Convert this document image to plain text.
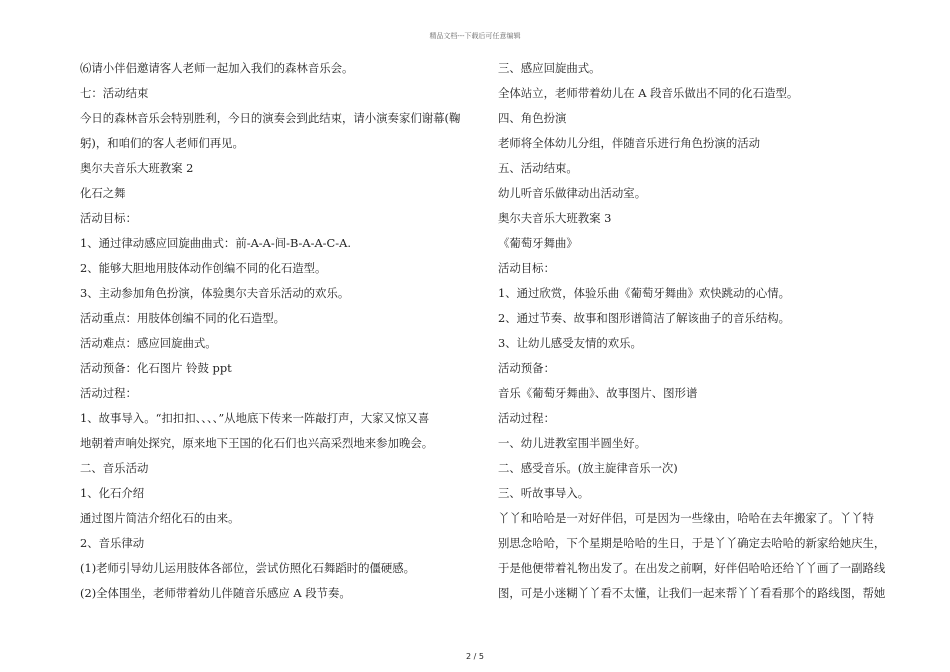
精品文档---下载后可任意编辑
⑹请小伴侣邀请客人老师一起加入我们的森林音乐会。
七：活动结束
今日的森林音乐会特别胜利，今日的演奏会到此结束，请小演奏家们谢幕(鞠
躬)，和咱们的客人老师们再见。
奥尔夫音乐大班教案 2
化石之舞
活动目标：
1、通过律动感应回旋曲曲式：前-A-A-间-B-A-A-C-A.
2、能够大胆地用肢体动作创编不同的化石造型。
3、主动参加角色扮演，体验奥尔夫音乐活动的欢乐。
活动重点：用肢体创编不同的化石造型。
活动难点：感应回旋曲式。
活动预备：化石图片 铃鼓 ppt
活动过程：
1、故事导入。“扣扣扣、、、、”从地底下传来一阵敲打声，大家又惊又喜
地朝着声响处探究，原来地下王国的化石们也兴高采烈地来参加晚会。
二、音乐活动
1、化石介绍
通过图片简洁介绍化石的由来。
2、音乐律动
(1)老师引导幼儿运用肢体各部位，尝试仿照化石舞蹈时的僵硬感。
(2)全体围坐，老师带着幼儿伴随音乐感应 A 段节奏。
三、感应回旋曲式。
全体站立，老师带着幼儿在 A 段音乐做出不同的化石造型。
四、角色扮演
老师将全体幼儿分组，伴随音乐进行角色扮演的活动
五、活动结束。
幼儿听音乐做律动出活动室。
奥尔夫音乐大班教案 3
《葡萄牙舞曲》
活动目标：
1、通过欣赏，体验乐曲《葡萄牙舞曲》欢快跳动的心情。
2、通过节奏、故事和图形谱简洁了解该曲子的音乐结构。
3、让幼儿感受友情的欢乐。
活动预备：
音乐《葡萄牙舞曲》、故事图片、图形谱
活动过程：
一、幼儿进教室围半圆坐好。
二、感受音乐。(放主旋律音乐一次)
三、听故事导入。
丫丫和哈哈是一对好伴侣，可是因为一些缘由，哈哈在去年搬家了。丫丫特
别思念哈哈，下个星期是哈哈的生日，于是丫丫确定去哈哈的新家给她庆生，
于是他便带着礼物出发了。在出发之前啊，好伴侣哈哈还给丫丫画了一副路线
图，可是小迷糊丫丫看不太懂，让我们一起来帮丫丫看看那个的路线图，帮她
2 / 5
